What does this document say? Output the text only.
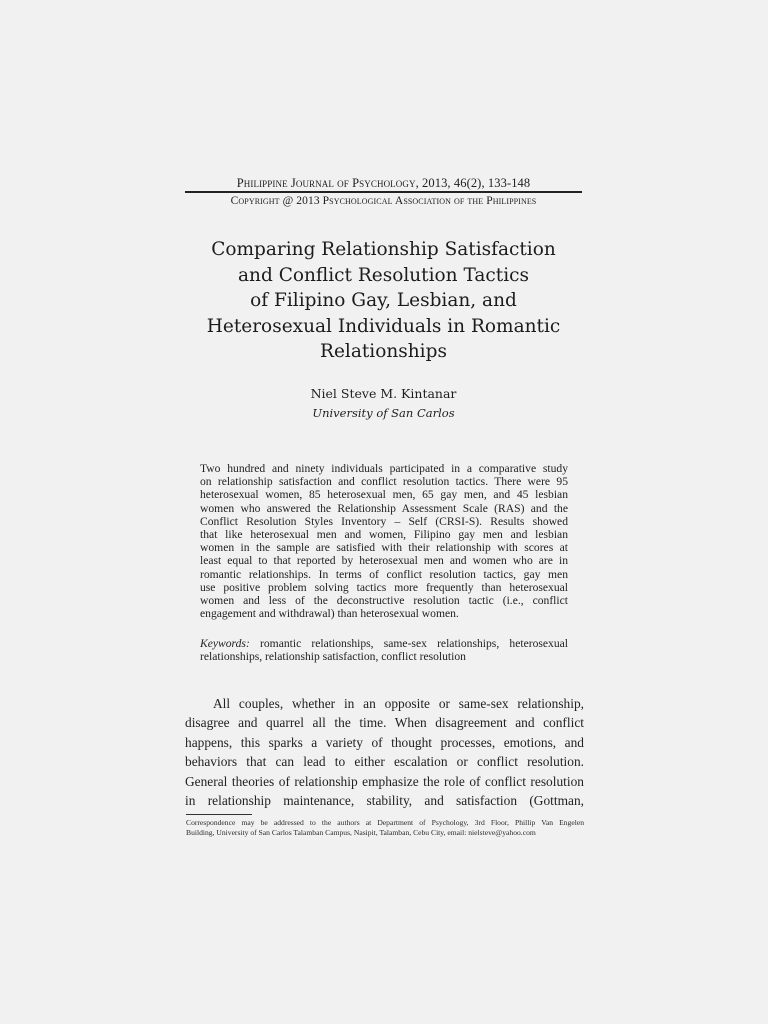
Philippine Journal of Psychology, 2013, 46(2), 133-148
Copyright @ 2013 Psychological Association of the Philippines
Comparing Relationship Satisfaction
and Conflict Resolution Tactics
of Filipino Gay, Lesbian, and
Heterosexual Individuals in Romantic
Relationships
Niel Steve M. Kintanar
University of San Carlos
Two hundred and ninety individuals participated in a comparative study
on relationship satisfaction and conflict resolution tactics. There were 95
heterosexual women, 85 heterosexual men, 65 gay men, and 45 lesbian
women who answered the Relationship Assessment Scale (RAS) and the
Conflict Resolution Styles Inventory – Self (CRSI-S). Results showed
that like heterosexual men and women, Filipino gay men and lesbian
women in the sample are satisfied with their relationship with scores at
least equal to that reported by heterosexual men and women who are in
romantic relationships. In terms of conflict resolution tactics, gay men
use positive problem solving tactics more frequently than heterosexual
women and less of the deconstructive resolution tactic (i.e., conflict
engagement and withdrawal) than heterosexual women.
Keywords: romantic relationships, same-sex relationships, heterosexual
relationships, relationship satisfaction, conflict resolution
All couples, whether in an opposite or same-sex relationship,
disagree and quarrel all the time. When disagreement and conflict
happens, this sparks a variety of thought processes, emotions, and
behaviors that can lead to either escalation or conflict resolution.
General theories of relationship emphasize the role of conflict resolution
in relationship maintenance, stability, and satisfaction (Gottman,
Correspondence may be addressed to the authors at Department of Psychology, 3rd Floor, Phillip Van Engelen
Building, University of San Carlos Talamban Campus, Nasipit, Talamban, Cebu City, email: nielsteve@yahoo.com
